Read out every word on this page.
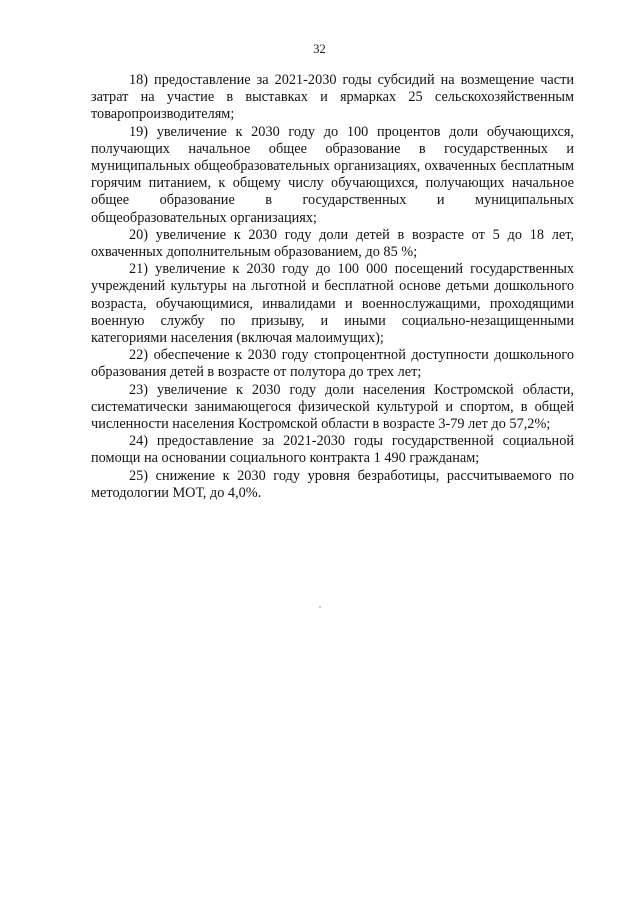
32

18) предоставление за 2021-2030 годы субсидий на возмещение части затрат на участие в выставках и ярмарках 25 сельскохозяйственным товаропроизводителям;

19) увеличение к 2030 году до 100 процентов доли обучающихся, получающих начальное общее образование в государственных и муниципальных общеобразовательных организациях, охваченных бесплатным горячим питанием, к общему числу обучающихся, получающих начальное общее образование в государственных и муниципальных общеобразовательных организациях;

20) увеличение к 2030 году доли детей в возрасте от 5 до 18 лет, охваченных дополнительным образованием, до 85 %;

21) увеличение к 2030 году до 100 000 посещений государственных учреждений культуры на льготной и бесплатной основе детьми дошкольного возраста, обучающимися, инвалидами и военнослужащими, проходящими военную службу по призыву, и иными социально-незащищенными категориями населения (включая малоимущих);

22) обеспечение к 2030 году стопроцентной доступности дошкольного образования детей в возрасте от полутора до трех лет;

23) увеличение к 2030 году доли населения Костромской области, систематически занимающегося физической культурой и спортом, в общей численности населения Костромской области в возрасте 3-79 лет до 57,2%;

24) предоставление за 2021-2030 годы государственной социальной помощи на основании социального контракта 1 490 гражданам;

25) снижение к 2030 году уровня безработицы, рассчитываемого по методологии МОТ, до 4,0%.
